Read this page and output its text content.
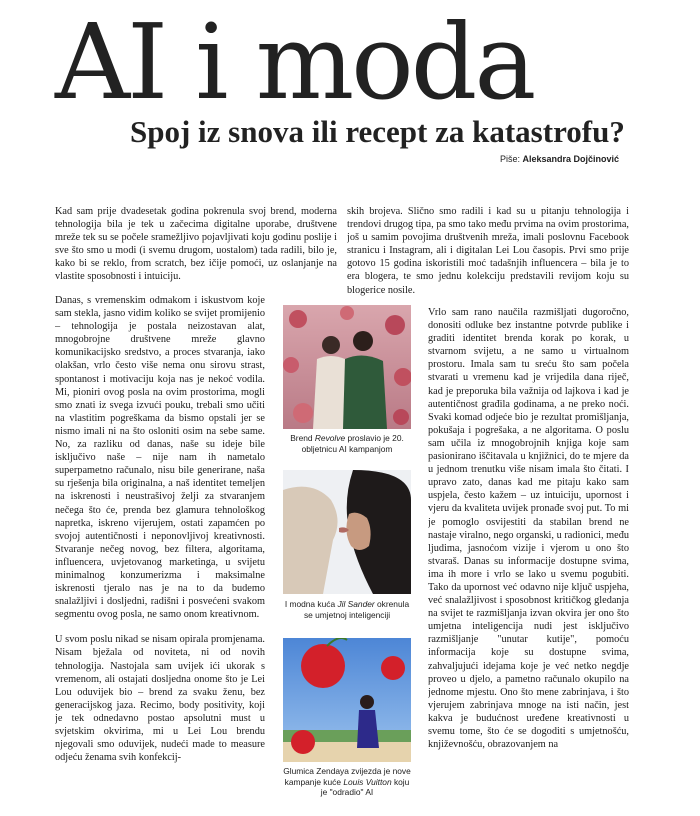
AI i moda
Spoj iz snova ili recept za katastrofu?
Piše: Aleksandra Dojčinović
Kad sam prije dvadesetak godina pokrenula svoj brend, moderna tehnologija bila je tek u začecima digitalne uporabe, društvene mreže tek su se počele sramežljivo pojavljivati koju godinu poslije i sve što smo u modi (i svemu drugom, uostalom) tada radili, bilo je, kako bi se reklo, from scratch, bez ičije pomoći, uz oslanjanje na vlastite sposobnosti i intuiciju.
skih brojeva. Slično smo radili i kad su u pitanju tehnologija i trendovi drugog tipa, pa smo tako među prvima na ovim prostorima, još u samim povojima društvenih mreža, imali poslovnu Facebook stranicu i Instagram, ali i digitalan Lei Lou časopis. Prvi smo prije gotovo 15 godina iskoristili moć tadašnjih influencera – bila je to era blogera, te smo jednu kolekciju predstavili revijom koju su blogerice nosile.

Danas, s vremenskim odmakom i iskustvom koje sam stekla, jasno vidim koliko se svijet promijenio – tehnologija je postala neizostavan alat, mnogobrojne društvene mreže glavno komunikacijsko sredstvo, a proces stvaranja, iako olakšan, vrlo često više nema onu sirovu strast, spontanost i motivaciju koja nas je nekoć vodila. Mi, pioniri ovog posla na ovim prostorima, mogli smo znati iz svega izvući pouku, trebali smo učiti na vlastitim pogreškama da bismo opstali jer se nismo imali ni na što osloniti osim na sebe same. No, za razliku od danas, naše su ideje bile isključivo naše – nije nam ih nametalo superpametno računalo, nisu bile generirane, naša su rješenja bila originalna, a naš identitet temeljen na iskrenosti i neustrašivoj želji za stvaranjem nečega što će, prenda bez glamura tehnološkog napretka, iskreno vijerujem, ostati zapamćen po svojoj autentičnosti i neponovljivoj kreativnosti. Stvaranje nečeg novog, bez filtera, algoritama, influencera, uvjetovanog marketinga, u svijetu minimalnog konzumerizma i maksimalne iskrenosti tjeralo nas je na to da budemo snalažljivi i dosljedni, radišni i posvećeni svakom segmentu ovog posla, ne samo onom kreativnom.

U svom poslu nikad se nisam opirala promjenama. Nisam bježala od noviteta, ni od novih tehnologija. Nastojala sam uvijek ići ukorak s vremenom, ali ostajati dosljedna onome što je Lei Lou oduvijek bio – brend za svaku ženu, bez generacijskog jaza. Recimo, body positivity, koji je tek odnedavno postao apsolutni must u svjetskim okvirima, mi u Lei Lou brendu njegovali smo oduvijek, nudeći made to measure odjeću ženama svih konfekcij-

Vrlo sam rano naučila razmišljati dugoročno, donositi odluke bez instantne potvrde publike i graditi identitet brenda korak po korak, u stvarnom svijetu, a ne samo u virtualnom prostoru. Imala sam tu sreću što sam počela stvarati u vremenu kad je vrijedila dana riječ, kad je preporuka bila važnija od lajkova i kad je autentičnost građila godinama, a ne preko noći. Svaki komad odjeće bio je rezultat promišljanja, pokušaja i pogrešaka, a ne algoritama. O poslu sam učila iz mnogobrojnih knjiga koje sam pasionirano iščitavala u knjižnici, do te mjere da u jednom trenutku više nisam imala što čitati. I upravo zato, danas kad me pitaju kako sam uspjela, često kažem – uz intuiciju, upornost i vjeru da kvaliteta uvijek pronađe svoj put. To mi je pomoglo osvijestiti da stabilan brend ne nastaje viralno, nego organski, u radionici, među ljudima, jasnoćom vizije i vjerom u ono što stvaraš. Danas su informacije dostupne svima, ima ih more i vrlo se lako u svemu pogubiti. Tako da upornost već odavno nije ključ uspjeha, već snalažljivost i sposobnost kritičkog gledanja na svijet te razmišljanja izvan okvira jer ono što umjetna inteligencija nudi jest isključivo razmišljanje "unutar kutije", pomoću informacija koje su dostupne svima, zahvaljujući idejama koje je već netko negdje proveo u djelo, a pametno računalo okupilo na jednome mjestu. Ono što mene zabrinjava, i što vjerujem zabrinjava mnoge na isti način, jest kakva je budućnost uređene kreativnosti u svemu tome, što će se dogoditi s umjetnošću, književnošću, obrazovanjem na
Brend Revolve proslavio je 20. obljetnicu AI kampanjom
I modna kuća Jil Sander okrenula se umjetnoj inteligenciji
Glumica Zendaya zvijezda je nove kampanje kuće Louis Vuitton koju je "odradio" AI
